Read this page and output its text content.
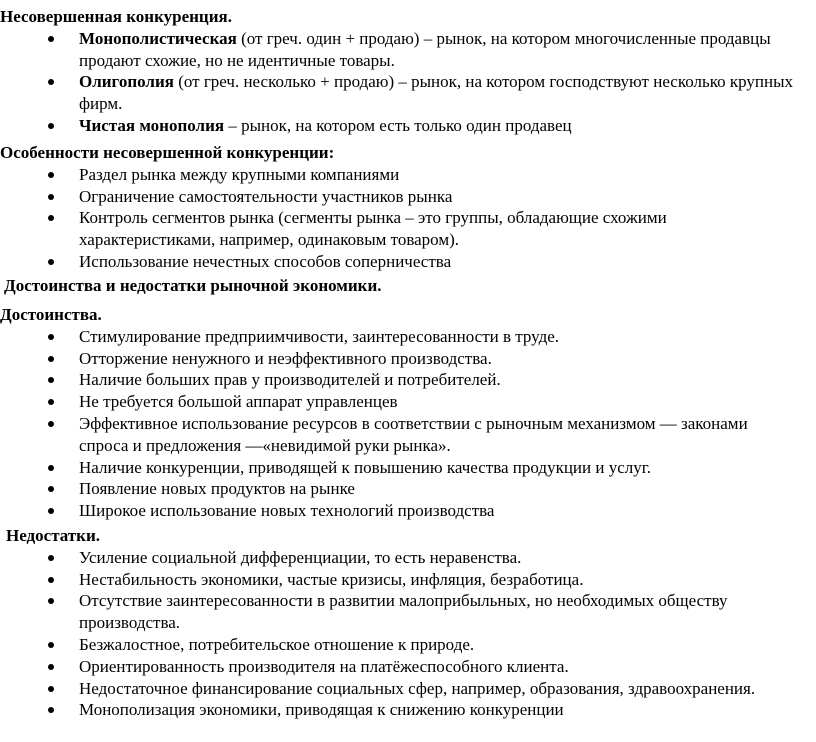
Несовершенная конкуренция.
Монополистическая (от греч. один + продаю) – рынок, на котором многочисленные продавцы продают схожие, но не идентичные товары.
Олигополия (от греч. несколько + продаю) – рынок, на котором господствуют несколько крупных фирм.
Чистая монополия – рынок, на котором есть только один продавец
Особенности несовершенной конкуренции:
Раздел рынка между крупными компаниями
Ограничение самостоятельности участников рынка
Контроль сегментов рынка (сегменты рынка – это группы, обладающие схожими характеристиками, например, одинаковым товаром).
Использование нечестных способов соперничества
Достоинства и недостатки рыночной экономики.
Достоинства.
Стимулирование предприимчивости, заинтересованности в труде.
Отторжение ненужного и неэффективного производства.
Наличие больших прав у производителей и потребителей.
Не требуется большой аппарат управленцев
Эффективное использование ресурсов в соответствии с рыночным механизмом — законами спроса и предложения —«невидимой руки рынка».
Наличие конкуренции, приводящей к повышению качества продукции и услуг.
Появление новых продуктов на рынке
Широкое использование новых технологий производства
Недостатки.
Усиление социальной дифференциации, то есть неравенства.
Нестабильность экономики, частые кризисы, инфляция, безработица.
Отсутствие заинтересованности в развитии малоприбыльных, но необходимых обществу производства.
Безжалостное, потребительское отношение к природе.
Ориентированность производителя на платёжеспособного клиента.
Недостаточное финансирование социальных сфер, например, образования, здравоохранения.
Монополизация экономики, приводящая к снижению конкуренции
